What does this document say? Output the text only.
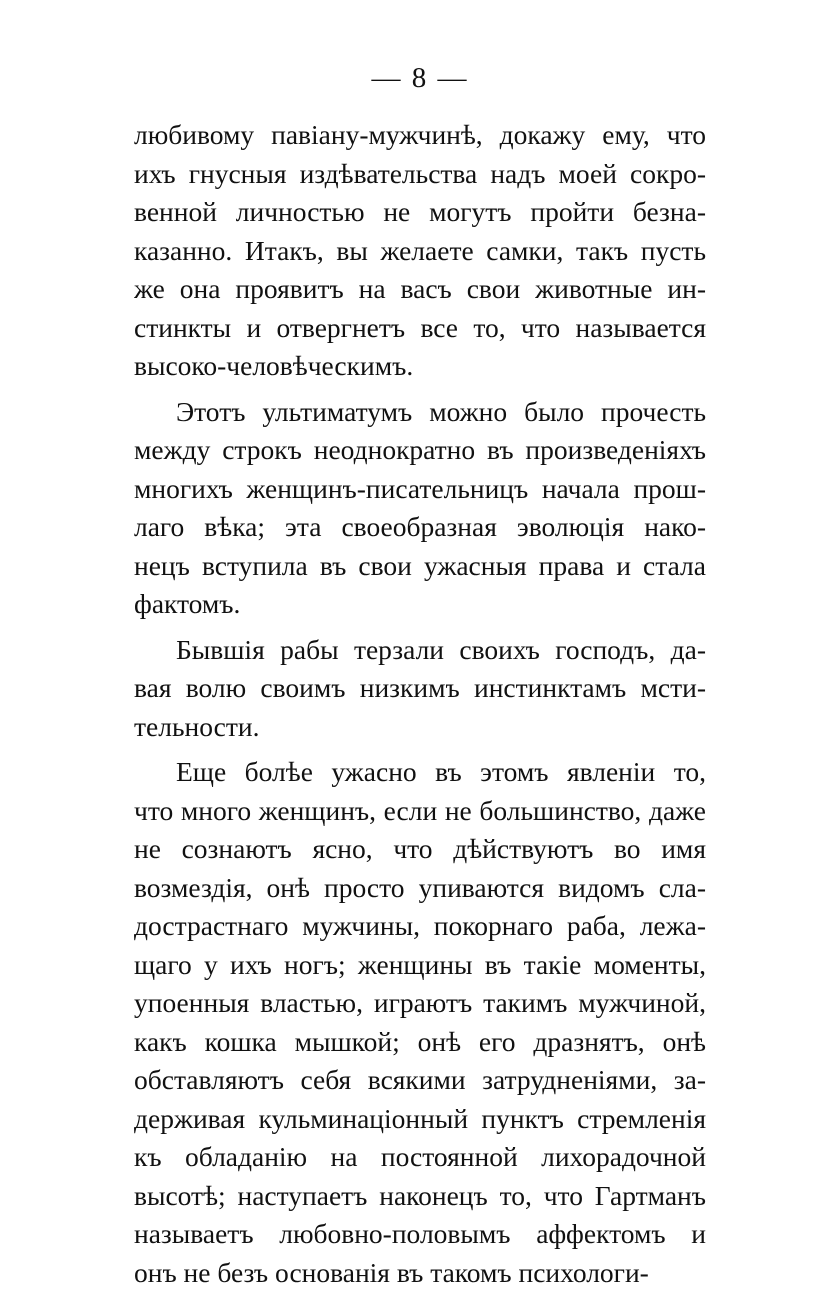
— 8 —
любивому павiану-мужчинѣ, докажу ему, что
ихъ гнусныя издѣвательства надъ моей сокро-
венной личностью не могутъ пройти безна-
казанно. Итакъ, вы желаете самки, такъ пусть
же она проявитъ на васъ свои животные ин-
стинкты и отвергнетъ все то, что называется
высоко-человѣческимъ.
Этотъ ультиматумъ можно было прочесть
между строкъ неоднократно въ произведенiяхъ
многихъ женщинъ-писательницъ начала прош-
лаго вѣка; эта своеобразная эволюцiя нако-
нецъ вступила въ свои ужасныя права и стала
фактомъ.
Бывшiя рабы терзали своихъ господъ, да-
вая волю своимъ низкимъ инстинктамъ мсти-
тельности.
Еще болѣе ужасно въ этомъ явленiи то,
что много женщинъ, если не большинство, даже
не сознаютъ ясно, что дѣйствуютъ во имя
возмездiя, онѣ просто упиваются видомъ сла-
дострастнаго мужчины, покорнаго раба, лежа-
щаго у ихъ ногъ; женщины въ такiе моменты,
упоенныя властью, играютъ такимъ мужчиной,
какъ кошка мышкой; онѣ его дразнятъ, онѣ
обставляютъ себя всякими затрудненiями, за-
держивая кульминацiонный пунктъ стремленiя
къ обладанiю на постоянной лихорадочной
высотѣ; наступаетъ наконецъ то, что Гартманъ
называетъ любовно-половымъ аффектомъ и
онъ не безъ основанiя въ такомъ психологи-
